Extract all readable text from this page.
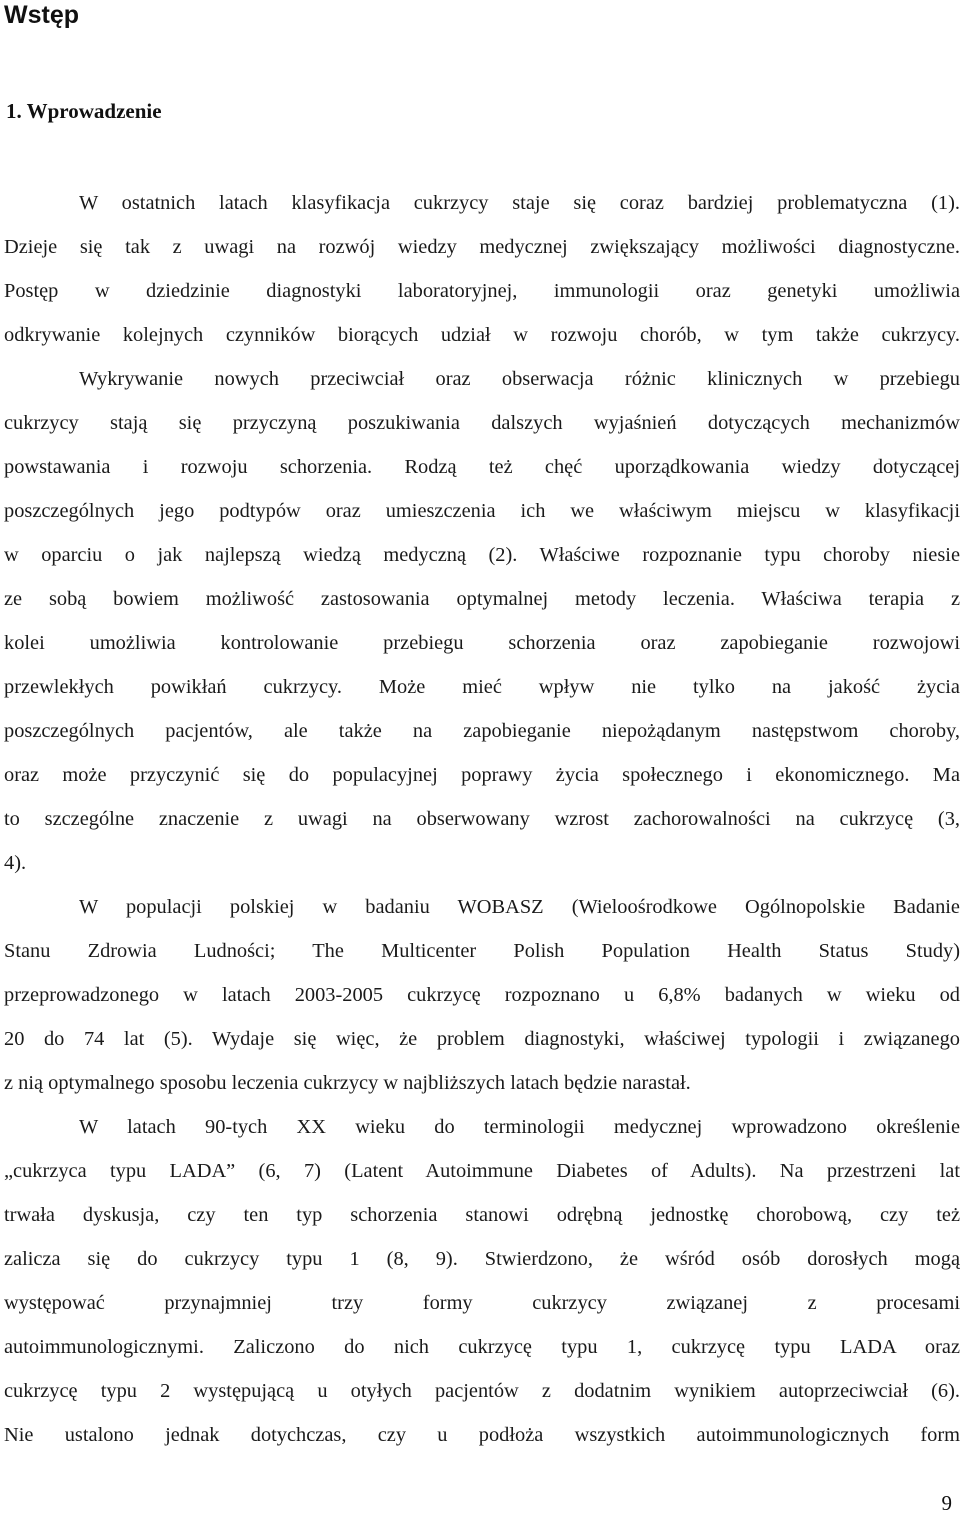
Wstęp
1. Wprowadzenie
W ostatnich latach klasyfikacja cukrzycy staje się coraz bardziej problematyczna (1).
Dzieje się tak z uwagi na rozwój wiedzy medycznej zwiększający możliwości diagnostyczne.
Postęp w dziedzinie diagnostyki laboratoryjnej, immunologii oraz genetyki umożliwia
odkrywanie kolejnych czynników biorących udział w rozwoju chorób, w tym także cukrzycy.
Wykrywanie nowych przeciwciał oraz obserwacja różnic klinicznych w przebiegu
cukrzycy stają się przyczyną poszukiwania dalszych wyjaśnień dotyczących mechanizmów
powstawania i rozwoju schorzenia. Rodzą też chęć uporządkowania wiedzy dotyczącej
poszczególnych jego podtypów oraz umieszczenia ich we właściwym miejscu w klasyfikacji
w oparciu o jak najlepszą wiedzą medyczną (2). Właściwe rozpoznanie typu choroby niesie
ze sobą bowiem możliwość zastosowania optymalnej metody leczenia. Właściwa terapia z
kolei umożliwia kontrolowanie przebiegu schorzenia oraz zapobieganie rozwojowi
przewlekłych powikłań cukrzycy. Może mieć wpływ nie tylko na jakość życia
poszczególnych pacjentów, ale także na zapobieganie niepożądanym następstwom choroby,
oraz może przyczynić się do populacyjnej poprawy życia społecznego i ekonomicznego. Ma
to szczególne znaczenie z uwagi na obserwowany wzrost zachorowalności na cukrzycę (3,
4).
W populacji polskiej w badaniu WOBASZ (Wieloośrodkowe Ogólnopolskie Badanie
Stanu Zdrowia Ludności; The Multicenter Polish Population Health Status Study)
przeprowadzonego w latach 2003-2005 cukrzycę rozpoznano u 6,8% badanych w wieku od
20 do 74 lat (5). Wydaje się więc, że problem diagnostyki, właściwej typologii i związanego
z nią optymalnego sposobu leczenia cukrzycy w najbliższych latach będzie narastał.
W latach 90-tych XX wieku do terminologii medycznej wprowadzono określenie
„cukrzyca typu LADA” (6, 7) (Latent Autoimmune Diabetes of Adults). Na przestrzeni lat
trwała dyskusja, czy ten typ schorzenia stanowi odrębną jednostkę chorobową, czy też
zalicza się do cukrzycy typu 1 (8, 9). Stwierdzono, że wśród osób dorosłych mogą
występować przynajmniej trzy formy cukrzycy związanej z procesami
autoimmunologicznymi. Zaliczono do nich cukrzycę typu 1, cukrzycę typu LADA oraz
cukrzycę typu 2 występującą u otyłych pacjentów z dodatnim wynikiem autoprzeciwciał (6).
Nie ustalono jednak dotychczas, czy u podłoża wszystkich autoimmunologicznych form
9
